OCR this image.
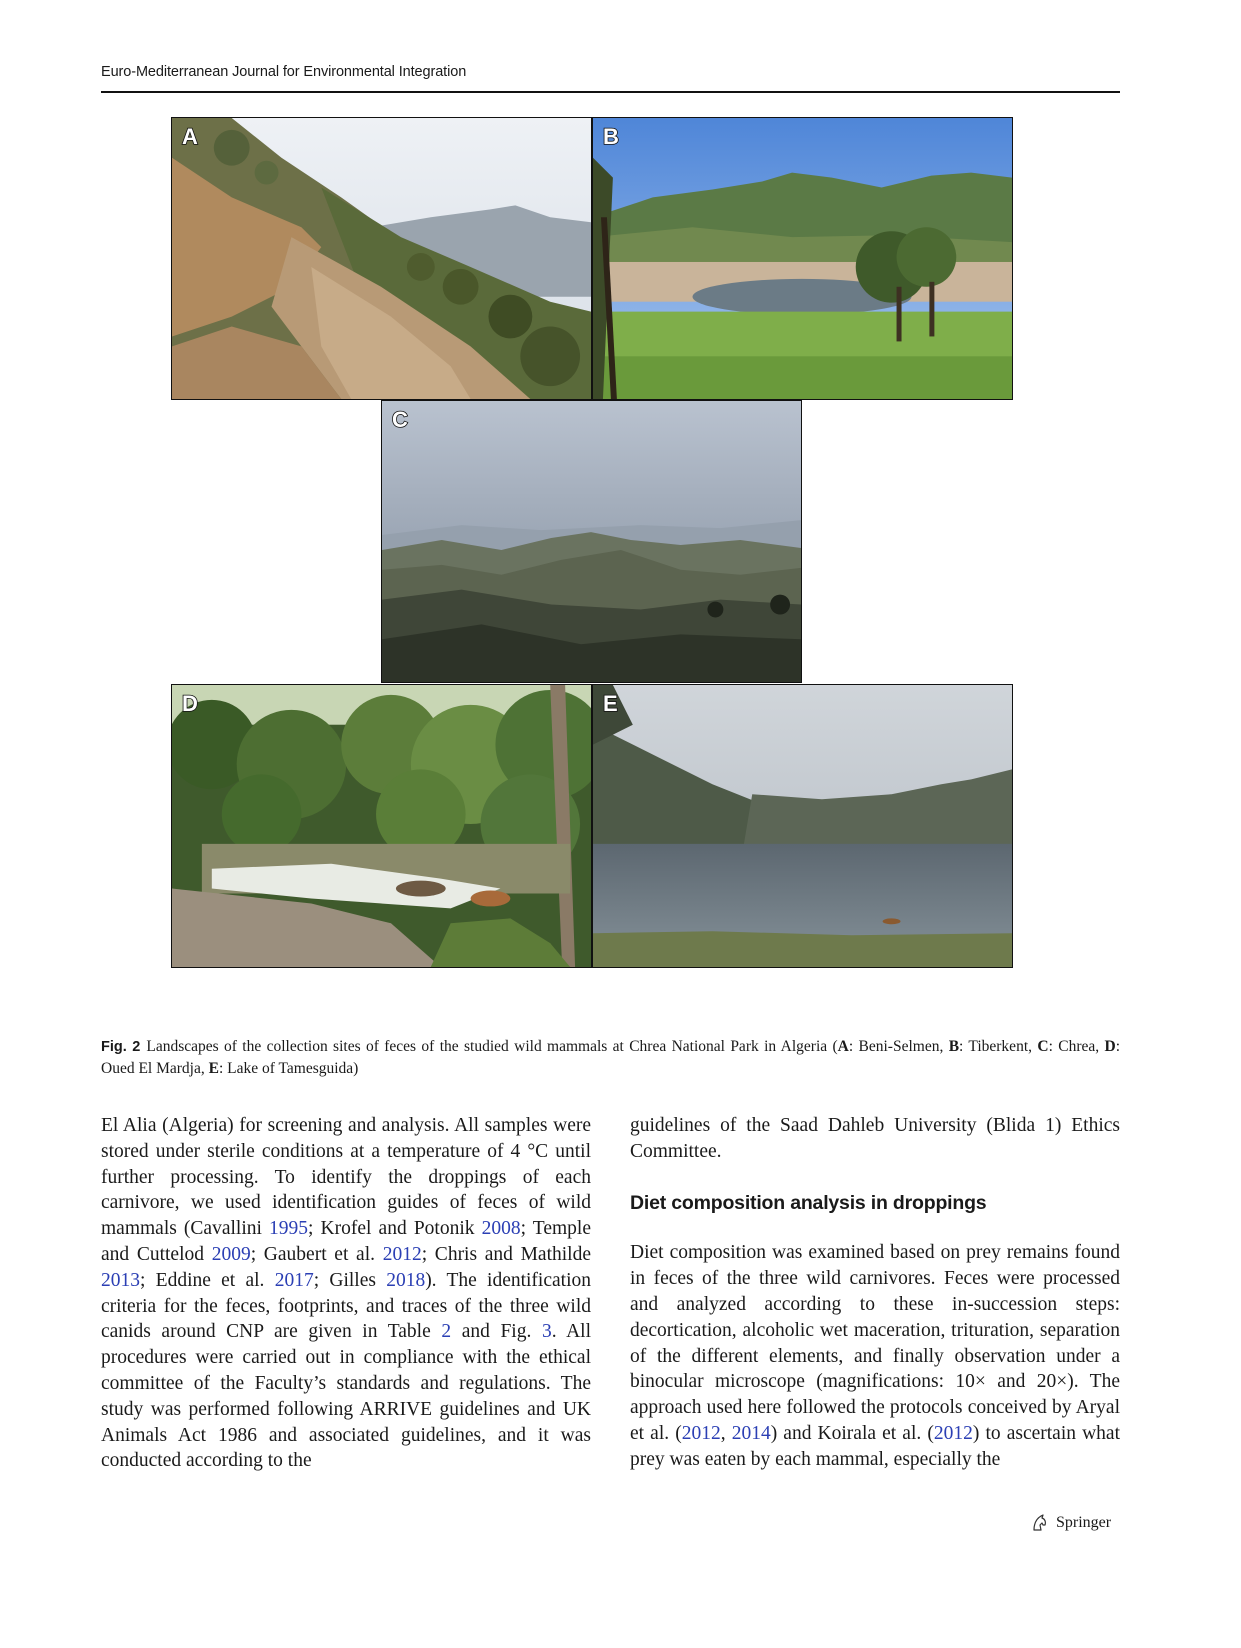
Euro-Mediterranean Journal for Environmental Integration
A	B
C
D	E
Fig. 2 Landscapes of the collection sites of feces of the studied wild mammals at Chrea National Park in Algeria (A: Beni-Selmen, B: Tiberkent, C: Chrea, D: Oued El Mardja, E: Lake of Tamesguida)

El Alia (Algeria) for screening and analysis. All samples were stored under sterile conditions at a temperature of 4 °C until further processing. To identify the droppings of each carnivore, we used identification guides of feces of wild mammals (Cavallini 1995; Krofel and Potonik 2008; Temple and Cuttelod 2009; Gaubert et al. 2012; Chris and Mathilde 2013; Eddine et al. 2017; Gilles 2018). The identification criteria for the feces, footprints, and traces of the three wild canids around CNP are given in Table 2 and Fig. 3. All procedures were carried out in compliance with the ethical committee of the Faculty’s standards and regulations. The study was performed following ARRIVE guidelines and UK Animals Act 1986 and associated guidelines, and it was conducted according to the

guidelines of the Saad Dahleb University (Blida 1) Ethics Committee.

Diet composition analysis in droppings

Diet composition was examined based on prey remains found in feces of the three wild carnivores. Feces were processed and analyzed according to these in-succession steps: decortication, alcoholic wet maceration, trituration, separation of the different elements, and finally observation under a binocular microscope (magnifications: 10× and 20×). The approach used here followed the protocols conceived by Aryal et al. (2012, 2014) and Koirala et al. (2012) to ascertain what prey was eaten by each mammal, especially the

Springer
